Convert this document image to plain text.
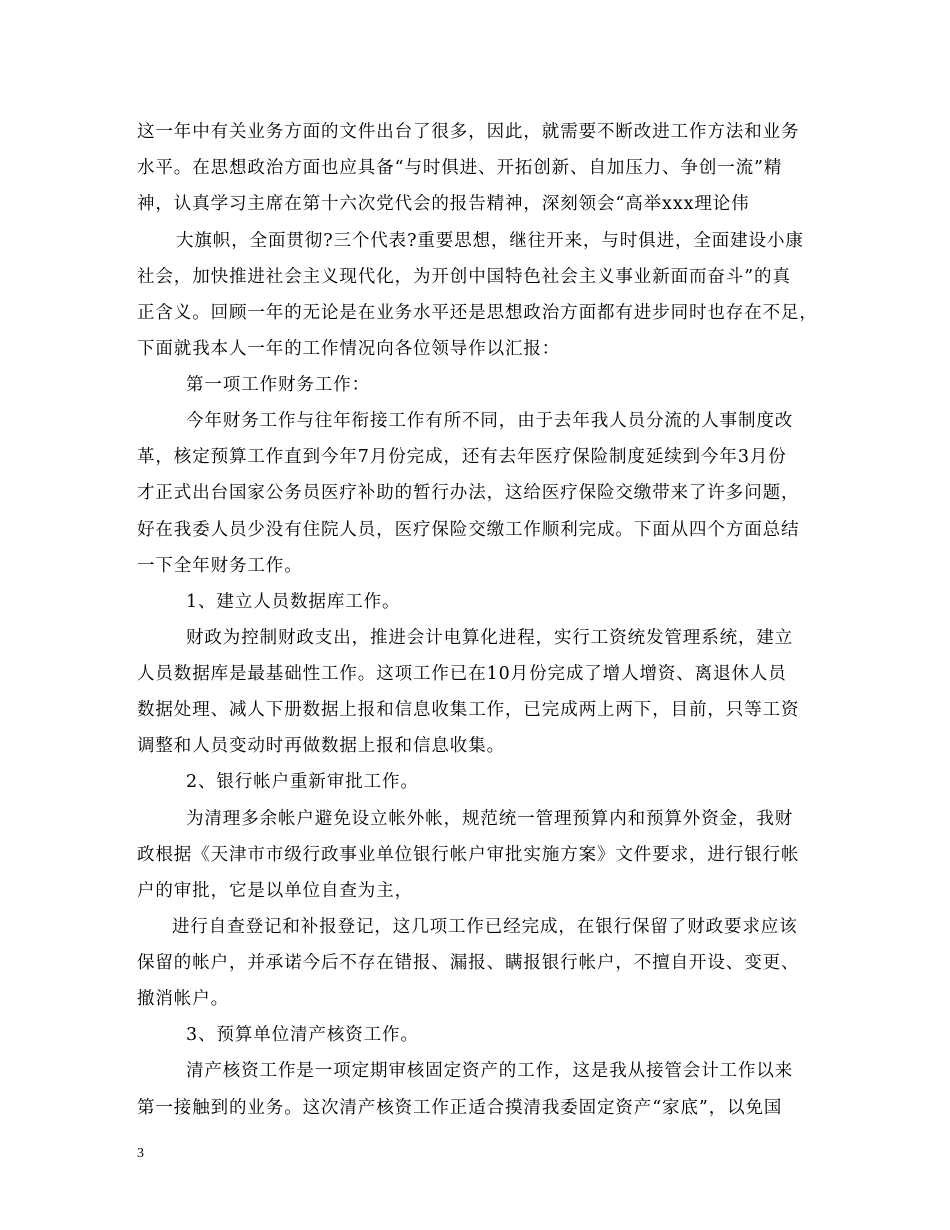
这一年中有关业务方面的文件出台了很多，因此，就需要不断改进工作方法和业务
水平。在思想政治方面也应具备“与时俱进、开拓创新、自加压力、争创一流”精
神，认真学习主席在第十六次党代会的报告精神，深刻领会“高举xxx理论伟
大旗帜，全面贯彻?三个代表?重要思想，继往开来，与时俱进，全面建设小康
社会，加快推进社会主义现代化，为开创中国特色社会主义事业新面而奋斗”的真
正含义。回顾一年的无论是在业务水平还是思想政治方面都有进步同时也存在不足，
下面就我本人一年的工作情况向各位领导作以汇报：
第一项工作财务工作：
今年财务工作与往年衔接工作有所不同，由于去年我人员分流的人事制度改
革，核定预算工作直到今年7月份完成，还有去年医疗保险制度延续到今年3月份
才正式出台国家公务员医疗补助的暂行办法，这给医疗保险交缴带来了许多问题，
好在我委人员少没有住院人员，医疗保险交缴工作顺利完成。下面从四个方面总结
一下全年财务工作。
1、建立人员数据库工作。
财政为控制财政支出，推进会计电算化进程，实行工资统发管理系统，建立
人员数据库是最基础性工作。这项工作已在10月份完成了增人增资、离退休人员
数据处理、减人下册数据上报和信息收集工作，已完成两上两下，目前，只等工资
调整和人员变动时再做数据上报和信息收集。
2、银行帐户重新审批工作。
为清理多余帐户避免设立帐外帐，规范统一管理预算内和预算外资金，我财
政根据《天津市市级行政事业单位银行帐户审批实施方案》文件要求，进行银行帐
户的审批，它是以单位自查为主，
进行自查登记和补报登记，这几项工作已经完成，在银行保留了财政要求应该
保留的帐户，并承诺今后不存在错报、漏报、瞒报银行帐户，不擅自开设、变更、
撤消帐户。
3、预算单位清产核资工作。
清产核资工作是一项定期审核固定资产的工作，这是我从接管会计工作以来
第一接触到的业务。这次清产核资工作正适合摸清我委固定资产“家底”，以免国
3
